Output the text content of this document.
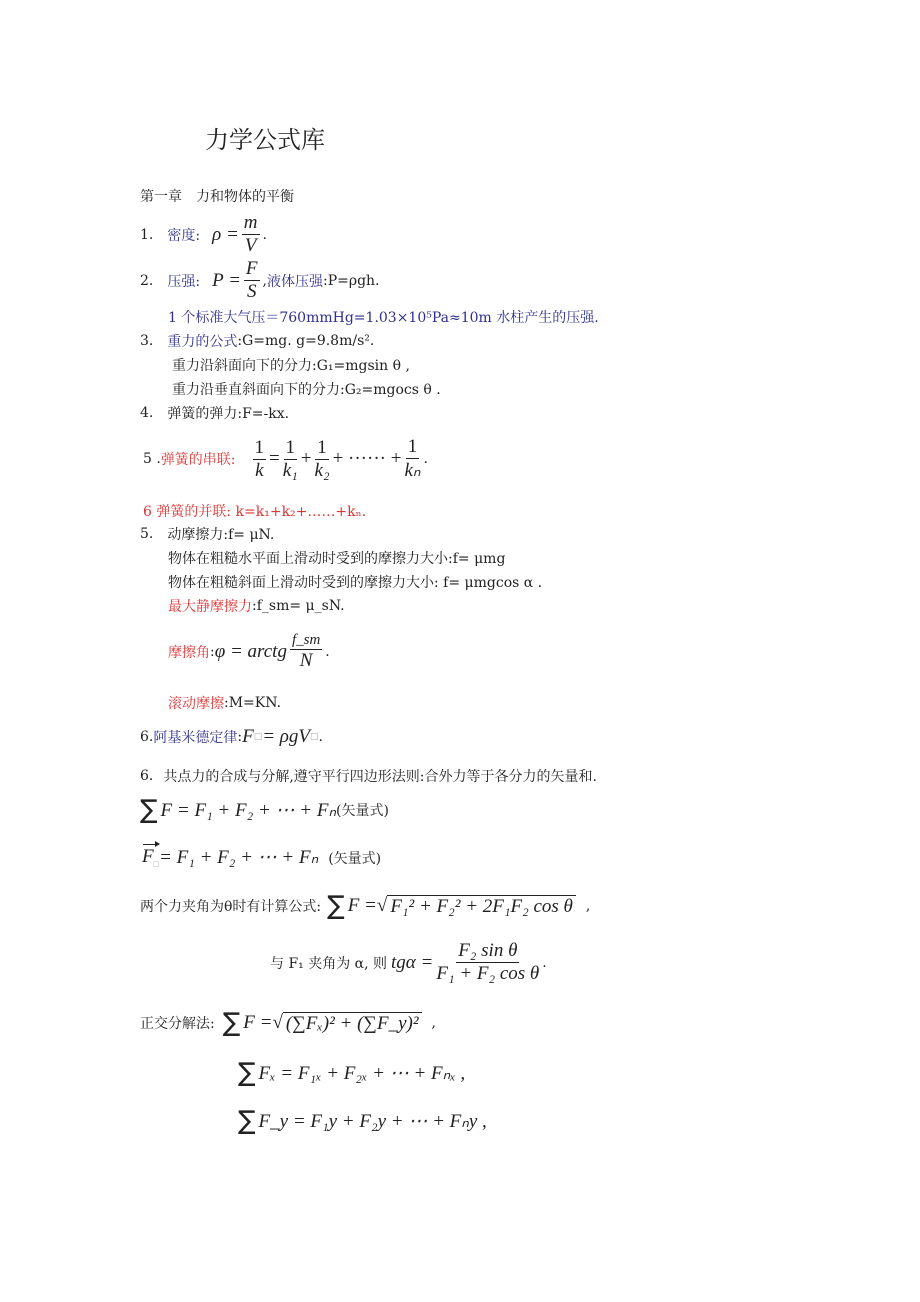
力学公式库
第一章　力和物体的平衡
1. 密度: $\rho = \frac{m}{V}$ .
2. 压强: $P = \frac{F}{S}$ , 液体压强 :P=ρgh.
1 个标准大气压＝760mmHg=1.03×10⁵Pa≈10m 水柱产生的压强.
3. 重力的公式 :G=mg. g=9.8m/s².
重力沿斜面向下的分力:G₁=mgsin θ ,
重力沿垂直斜面向下的分力:G₂=mgocs θ .
4. 弹簧的弹力:F=-kx.
5 . 弹簧的串联: $\frac{1}{k} = \frac{1}{\text{k₁}} + \frac{1}{\text{k₂}}$ + ······ + $\frac{1}{\text{kₙ}}$ .
6 弹簧的并联: k=k₁+k₂+……+kₙ.
5. 动摩擦力:f= μN.
物体在粗糙水平面上滑动时受到的摩擦力大小:f= μmg
物体在粗糙斜面上滑动时受到的摩擦力大小: f= μmgcos α .
最大静摩擦力 :f_sm= μ_sN.
摩擦角 : φ = arctg $\frac{f\_sm}{N}$ .
滚动摩擦 :M=KN.
6. 阿基米德定律 : F □ = ρgV □ .
6. 共点力的合成与分解,遵守平行四边形法则:合外力等于各分力的矢量和.
∑ F = F₁ + F₂ + ⋯ + Fₙ (矢量式)
$F_□ = F_1 + F_2$ + ⋯ + Fₙ (矢量式)
两个力夹角为θ时有计算公式: ∑ F = √ F₁² + F₂² + 2F₁F₂ cos θ ,
与 F₁ 夹角为 α, 则 $tg\alpha = \frac{\text{F₂ sin θ}}{\text{F₁ + F₂ cos θ}}$ .
正交分解法: ∑ F = √ (∑Fₓ)² + (∑F_y)² ,
∑ Fₓ = F₁ₓ + F₂ₓ + ⋯ + Fₙₓ ,
∑ F_y = F₁y + F₂y + ⋯ + Fₙy ,
